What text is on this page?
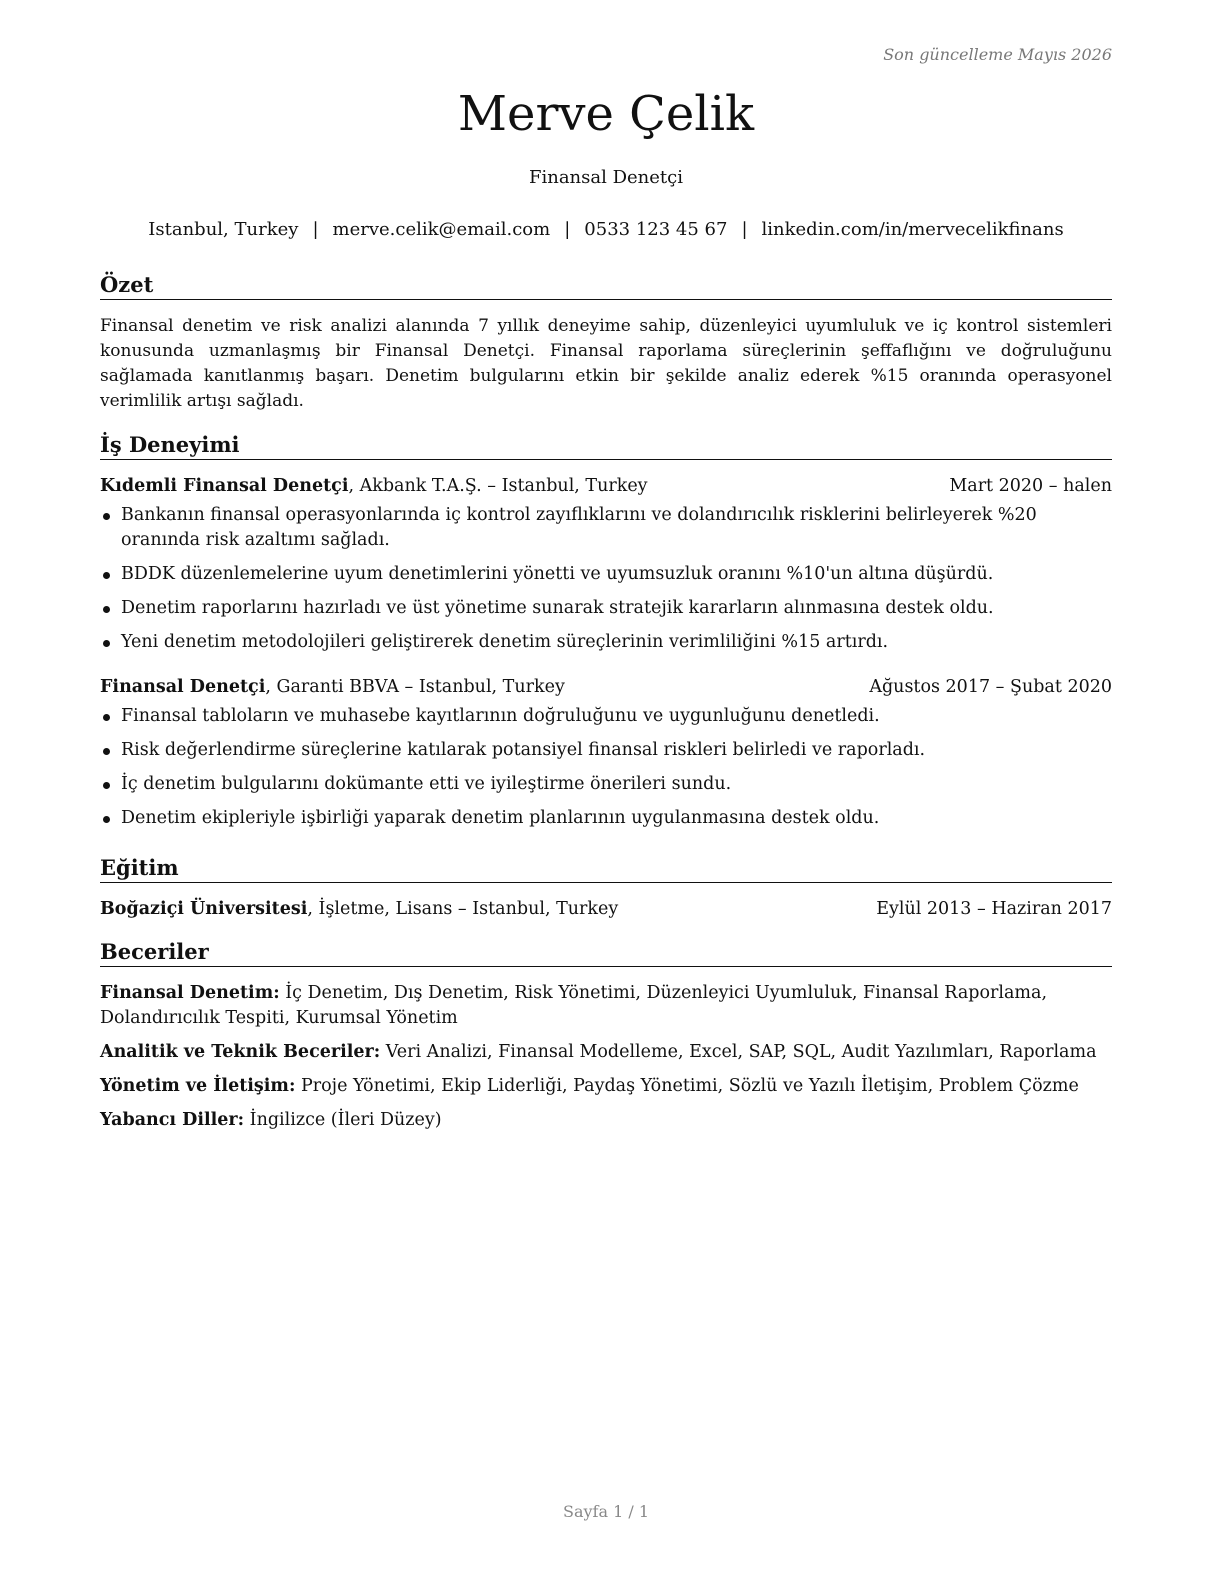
Son güncelleme Mayıs 2026
Merve Çelik
Finansal Denetçi
Istanbul, Turkey | merve.celik@email.com | 0533 123 45 67 | linkedin.com/in/mervecelikfinans
Özet

Finansal denetim ve risk analizi alanında 7 yıllık deneyime sahip, düzenleyici uyumluluk ve iç kontrol sistemleri konusunda uzmanlaşmış bir Finansal Denetçi. Finansal raporlama süreçlerinin şeffaflığını ve doğruluğunu sağlamada kanıtlanmış başarı. Denetim bulgularını etkin bir şekilde analiz ederek %15 oranında operasyonel verimlilik artışı sağladı.

İş Deneyimi
Kıdemli Finansal Denetçi, Akbank T.A.Ş. – Istanbul, Turkey	Mart 2020 – halen
Bankanın finansal operasyonlarında iç kontrol zayıflıklarını ve dolandırıcılık risklerini belirleyerek %20 oranında risk azaltımı sağladı.
BDDK düzenlemelerine uyum denetimlerini yönetti ve uyumsuzluk oranını %10'un altına düşürdü.
Denetim raporlarını hazırladı ve üst yönetime sunarak stratejik kararların alınmasına destek oldu.
Yeni denetim metodolojileri geliştirerek denetim süreçlerinin verimliliğini %15 artırdı.
Finansal Denetçi, Garanti BBVA – Istanbul, Turkey	Ağustos 2017 – Şubat 2020
Finansal tabloların ve muhasebe kayıtlarının doğruluğunu ve uygunluğunu denetledi.
Risk değerlendirme süreçlerine katılarak potansiyel finansal riskleri belirledi ve raporladı.
İç denetim bulgularını dokümante etti ve iyileştirme önerileri sundu.
Denetim ekipleriyle işbirliği yaparak denetim planlarının uygulanmasına destek oldu.
Eğitim
Boğaziçi Üniversitesi, İşletme, Lisans – Istanbul, Turkey	Eylül 2013 – Haziran 2017
Beceriler
Finansal Denetim: İç Denetim, Dış Denetim, Risk Yönetimi, Düzenleyici Uyumluluk, Finansal Raporlama, Dolandırıcılık Tespiti, Kurumsal Yönetim
Analitik ve Teknik Beceriler: Veri Analizi, Finansal Modelleme, Excel, SAP, SQL, Audit Yazılımları, Raporlama
Yönetim ve İletişim: Proje Yönetimi, Ekip Liderliği, Paydaş Yönetimi, Sözlü ve Yazılı İletişim, Problem Çözme
Yabancı Diller: İngilizce (İleri Düzey)
Sayfa 1 / 1
